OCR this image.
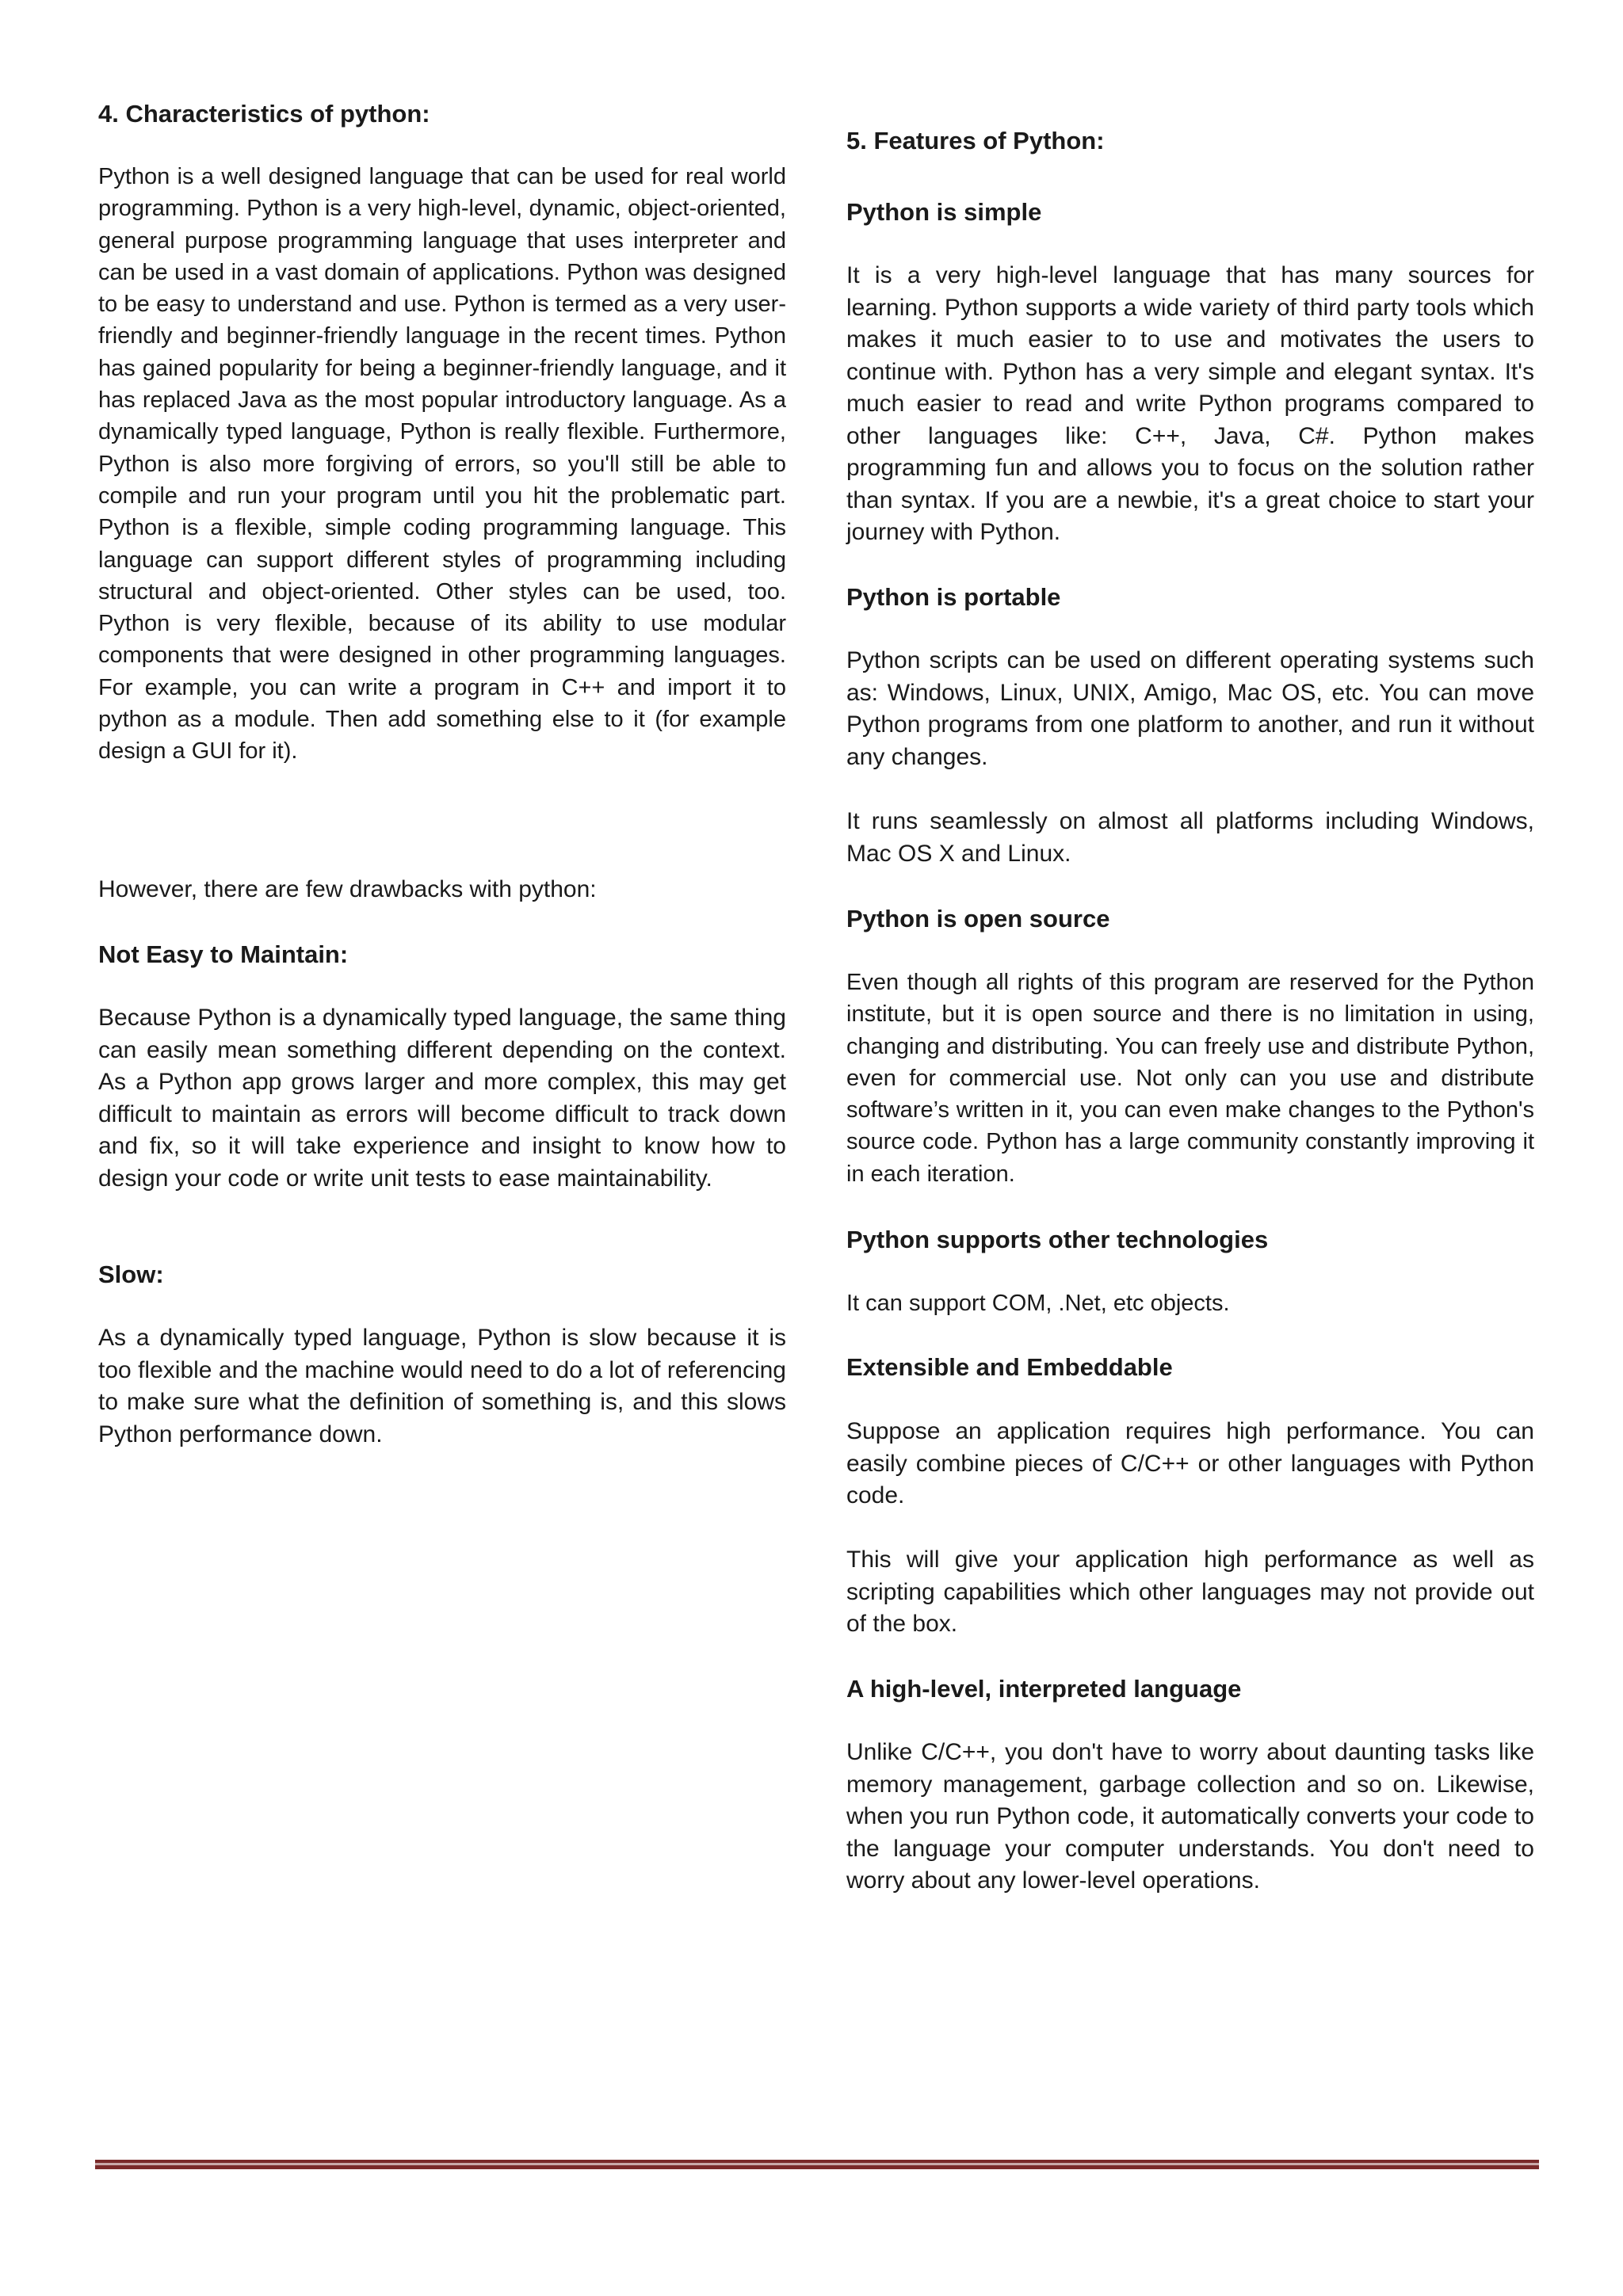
4. Characteristics of python:

Python is a well designed language that can be used for real world programming. Python is a very high-level, dynamic, object-oriented, general purpose programming language that uses interpreter and can be used in a vast domain of applications. Python was designed to be easy to understand and use. Python is termed as a very user-friendly and beginner-friendly language in the recent times. Python has gained popularity for being a beginner-friendly language, and it has replaced Java as the most popular introductory language. As a dynamically typed language, Python is really flexible. Furthermore, Python is also more forgiving of errors, so you'll still be able to compile and run your program until you hit the problematic part. Python is a flexible, simple coding programming language. This language can support different styles of programming including structural and object-oriented. Other styles can be used, too. Python is very flexible, because of its ability to use modular components that were designed in other programming languages. For example, you can write a program in C++ and import it to python as a module. Then add something else to it (for example design a GUI for it).

However, there are few drawbacks with python:

Not Easy to Maintain:

Because Python is a dynamically typed language, the same thing can easily mean something different depending on the context. As a Python app grows larger and more complex, this may get difficult to maintain as errors will become difficult to track down and fix, so it will take experience and insight to know how to design your code or write unit tests to ease maintainability.

Slow:

As a dynamically typed language, Python is slow because it is too flexible and the machine would need to do a lot of referencing to make sure what the definition of something is, and this slows Python performance down.

5. Features of Python:
Python is simple

It is a very high-level language that has many sources for learning. Python supports a wide variety of third party tools which makes it much easier to to use and motivates the users to continue with. Python has a very simple and elegant syntax. It's much easier to read and write Python programs compared to other languages like: C++, Java, C#. Python makes programming fun and allows you to focus on the solution rather than syntax. If you are a newbie, it's a great choice to start your journey with Python.

Python is portable

Python scripts can be used on different operating systems such as: Windows, Linux, UNIX, Amigo, Mac OS, etc. You can move Python programs from one platform to another, and run it without any changes.

It runs seamlessly on almost all platforms including Windows, Mac OS X and Linux.

Python is open source

Even though all rights of this program are reserved for the Python institute, but it is open source and there is no limitation in using, changing and distributing. You can freely use and distribute Python, even for commercial use. Not only can you use and distribute software’s written in it, you can even make changes to the Python's source code. Python has a large community constantly improving it in each iteration.

Python supports other technologies

It can support COM, .Net, etc objects.

Extensible and Embeddable

Suppose an application requires high performance. You can easily combine pieces of C/C++ or other languages with Python code.

This will give your application high performance as well as scripting capabilities which other languages may not provide out of the box.

A high-level, interpreted language

Unlike C/C++, you don't have to worry about daunting tasks like memory management, garbage collection and so on. Likewise, when you run Python code, it automatically converts your code to the language your computer understands. You don't need to worry about any lower-level operations.
